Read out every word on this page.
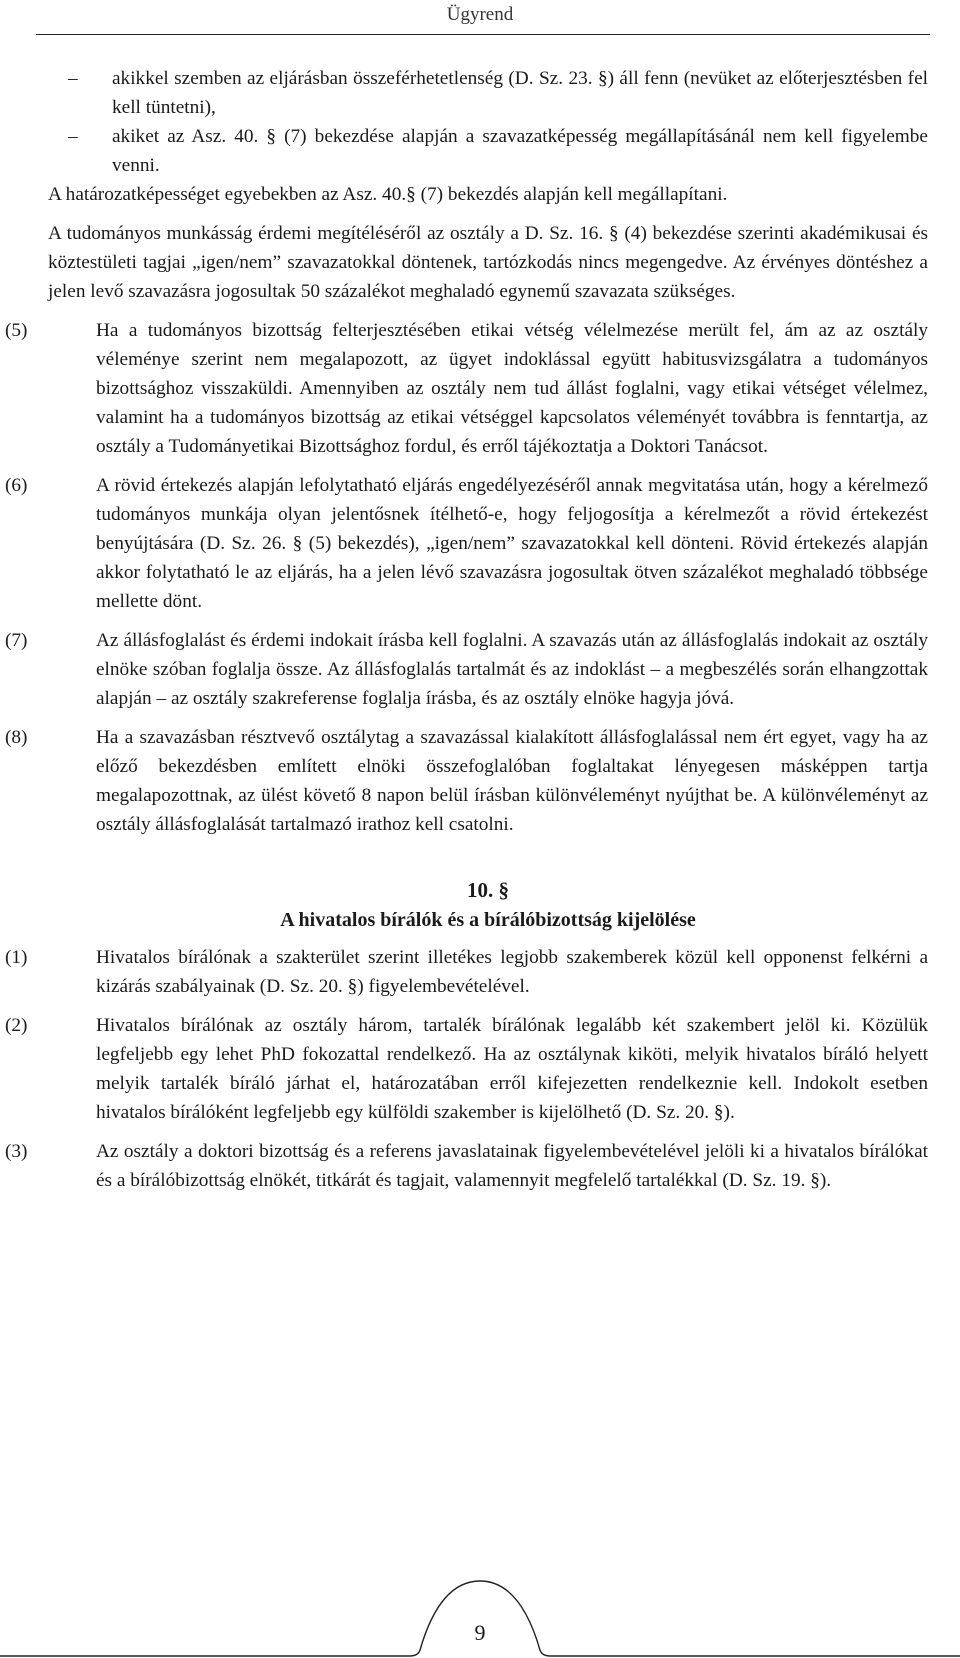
Ügyrend
– akikkel szemben az eljárásban összeférhetetlenség (D. Sz. 23. §) áll fenn (nevüket az előterjesztésben fel kell tüntetni),
– akiket az Asz. 40. § (7) bekezdése alapján a szavazatképesség megállapításánál nem kell figyelembe venni.

A határozatképességet egyebekben az Asz. 40.§ (7) bekezdés alapján kell megállapítani.

A tudományos munkásság érdemi megítéléséről az osztály a D. Sz. 16. § (4) bekezdése szerinti akadémikusai és köztestületi tagjai „igen/nem” szavazatokkal döntenek, tartózkodás nincs megengedve. Az érvényes döntéshez a jelen levő szavazásra jogosultak 50 százalékot meghaladó egynemű szavazata szükséges.

(5)	Ha a tudományos bizottság felterjesztésében etikai vétség vélelmezése merült fel, ám az az osztály véleménye szerint nem megalapozott, az ügyet indoklással együtt habitusvizsgálatra a tudományos bizottsághoz visszaküldi. Amennyiben az osztály nem tud állást foglalni, vagy etikai vétséget vélelmez, valamint ha a tudományos bizottság az etikai vétséggel kapcsolatos véleményét továbbra is fenntartja, az osztály a Tudományetikai Bizottsághoz fordul, és erről tájékoztatja a Doktori Tanácsot.

(6)	A rövid értekezés alapján lefolytatható eljárás engedélyezéséről annak megvitatása után, hogy a kérelmező tudományos munkája olyan jelentősnek ítélhető-e, hogy feljogosítja a kérelmezőt a rövid értekezést benyújtására (D. Sz. 26. § (5) bekezdés), „igen/nem” szavazatokkal kell dönteni. Rövid értekezés alapján akkor folytatható le az eljárás, ha a jelen lévő szavazásra jogosultak ötven százalékot meghaladó többsége mellette dönt.

(7)	Az állásfoglalást és érdemi indokait írásba kell foglalni. A szavazás után az állásfoglalás indokait az osztály elnöke szóban foglalja össze. Az állásfoglalás tartalmát és az indoklást – a megbeszélés során elhangzottak alapján – az osztály szakreferense foglalja írásba, és az osztály elnöke hagyja jóvá.

(8)	Ha a szavazásban résztvevő osztálytag a szavazással kialakított állásfoglalással nem ért egyet, vagy ha az előző bekezdésben említett elnöki összefoglalóban foglaltakat lényegesen másképpen tartja megalapozottnak, az ülést követő 8 napon belül írásban különvéleményt nyújthat be. A különvéleményt az osztály állásfoglalását tartalmazó irathoz kell csatolni.

10. §
A hivatalos bírálók és a bírálóbizottság kijelölése

(1)	Hivatalos bírálónak a szakterület szerint illetékes legjobb szakemberek közül kell opponenst felkérni a kizárás szabályainak (D. Sz. 20. §) figyelembevételével.

(2)	Hivatalos bírálónak az osztály három, tartalék bírálónak legalább két szakembert jelöl ki. Közülük legfeljebb egy lehet PhD fokozattal rendelkező. Ha az osztálynak kiköti, melyik hivatalos bíráló helyett melyik tartalék bíráló járhat el, határozatában erről kifejezetten rendelkeznie kell. Indokolt esetben hivatalos bírálóként legfeljebb egy külföldi szakember is kijelölhető (D. Sz. 20. §).

(3)	Az osztály a doktori bizottság és a referens javaslatainak figyelembevételével jelöli ki a hivatalos bírálókat és a bírálóbizottság elnökét, titkárát és tagjait, valamennyit megfelelő tartalékkal (D. Sz. 19. §).

9
